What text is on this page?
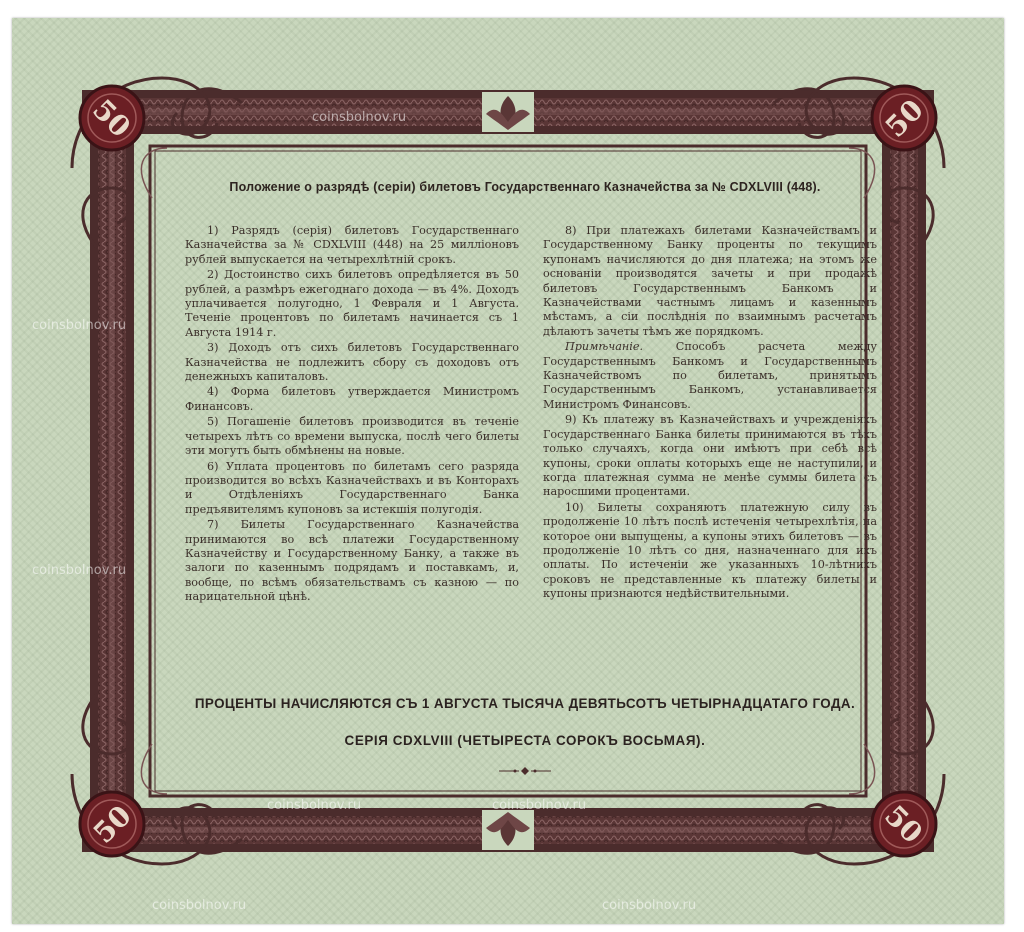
50	50
50	50
coinsbolnov.ru
coinsbolnov.ru
coinsbolnov.ru
coinsbolnov.ru	coinsbolnov.ru
coinsbolnov.ru	coinsbolnov.ru
Положение о разрядѣ (серіи) билетовъ Государственнаго Казначейства за № CDXLVIII (448).

1) Разрядъ (серія) билетовъ Государственнаго Казначейства за № CDXLVIII (448) на 25 милліоновъ рублей выпускается на четырехлѣтній срокъ.

2) Достоинство сихъ билетовъ опредѣляется въ 50 рублей, а размѣръ ежегоднаго дохода — въ 4%. Доходъ уплачивается полугодно, 1 Февраля и 1 Августа. Теченіе процентовъ по билетамъ начинается съ 1 Августа 1914 г.

3) Доходъ отъ сихъ билетовъ Государственнаго Казначейства не подлежитъ сбору съ доходовъ отъ денежныхъ капиталовъ.

4) Форма билетовъ утверждается Министромъ Финансовъ.

5) Погашеніе билетовъ производится въ теченіе четырехъ лѣтъ со времени выпуска, послѣ чего билеты эти могутъ быть обмѣнены на новые.

6) Уплата процентовъ по билетамъ сего разряда производится во всѣхъ Казначействахъ и въ Конторахъ и Отдѣленіяхъ Государственнаго Банка предъявителямъ купоновъ за истекшія полугодія.

7) Билеты Государственнаго Казначейства принимаются во всѣ платежи Государственному Казначейству и Государственному Банку, а также въ залоги по казеннымъ подрядамъ и поставкамъ, и, вообще, по всѣмъ обязательствамъ съ казною — по нарицательной цѣнѣ.

8) При платежахъ билетами Казначействамъ и Государственному Банку проценты по текущимъ купонамъ начисляются до дня платежа; на этомъ же основаніи производятся зачеты и при продажѣ билетовъ Государственнымъ Банкомъ и Казначействами частнымъ лицамъ и казеннымъ мѣстамъ, а сіи послѣднія по взаимнымъ расчетамъ дѣлаютъ зачеты тѣмъ же порядкомъ.

Примѣчаніе.	Способъ расчета между Государственнымъ Банкомъ и Государственнымъ Казначействомъ по билетамъ, принятымъ Государственнымъ Банкомъ, устанавливается Министромъ Финансовъ.

9) Къ платежу въ Казначействахъ и учрежденіяхъ Государственнаго Банка билеты принимаются въ тѣхъ только случаяхъ, когда они имѣютъ при себѣ всѣ купоны, сроки оплаты которыхъ еще не наступили, и когда платежная сумма не менѣе суммы билета съ наросшими процентами.

10) Билеты сохраняютъ платежную силу въ продолженіе 10 лѣтъ послѣ истеченія четырехлѣтія, на которое они выпущены, а купоны этихъ билетовъ — въ продолженіе 10 лѣтъ со дня, назначеннаго для ихъ оплаты. По истеченіи же указанныхъ 10-лѣтнихъ сроковъ не представленные къ платежу билеты и купоны признаются недѣйствительными.

ПРОЦЕНТЫ НАЧИСЛЯЮТСЯ СЪ 1 АВГУСТА ТЫСЯЧА ДЕВЯТЬСОТЪ ЧЕТЫРНАДЦАТАГО ГОДА.
СЕРІЯ CDXLVIII (ЧЕТЫРЕСТА СОРОКЪ ВОСЬМАЯ).
